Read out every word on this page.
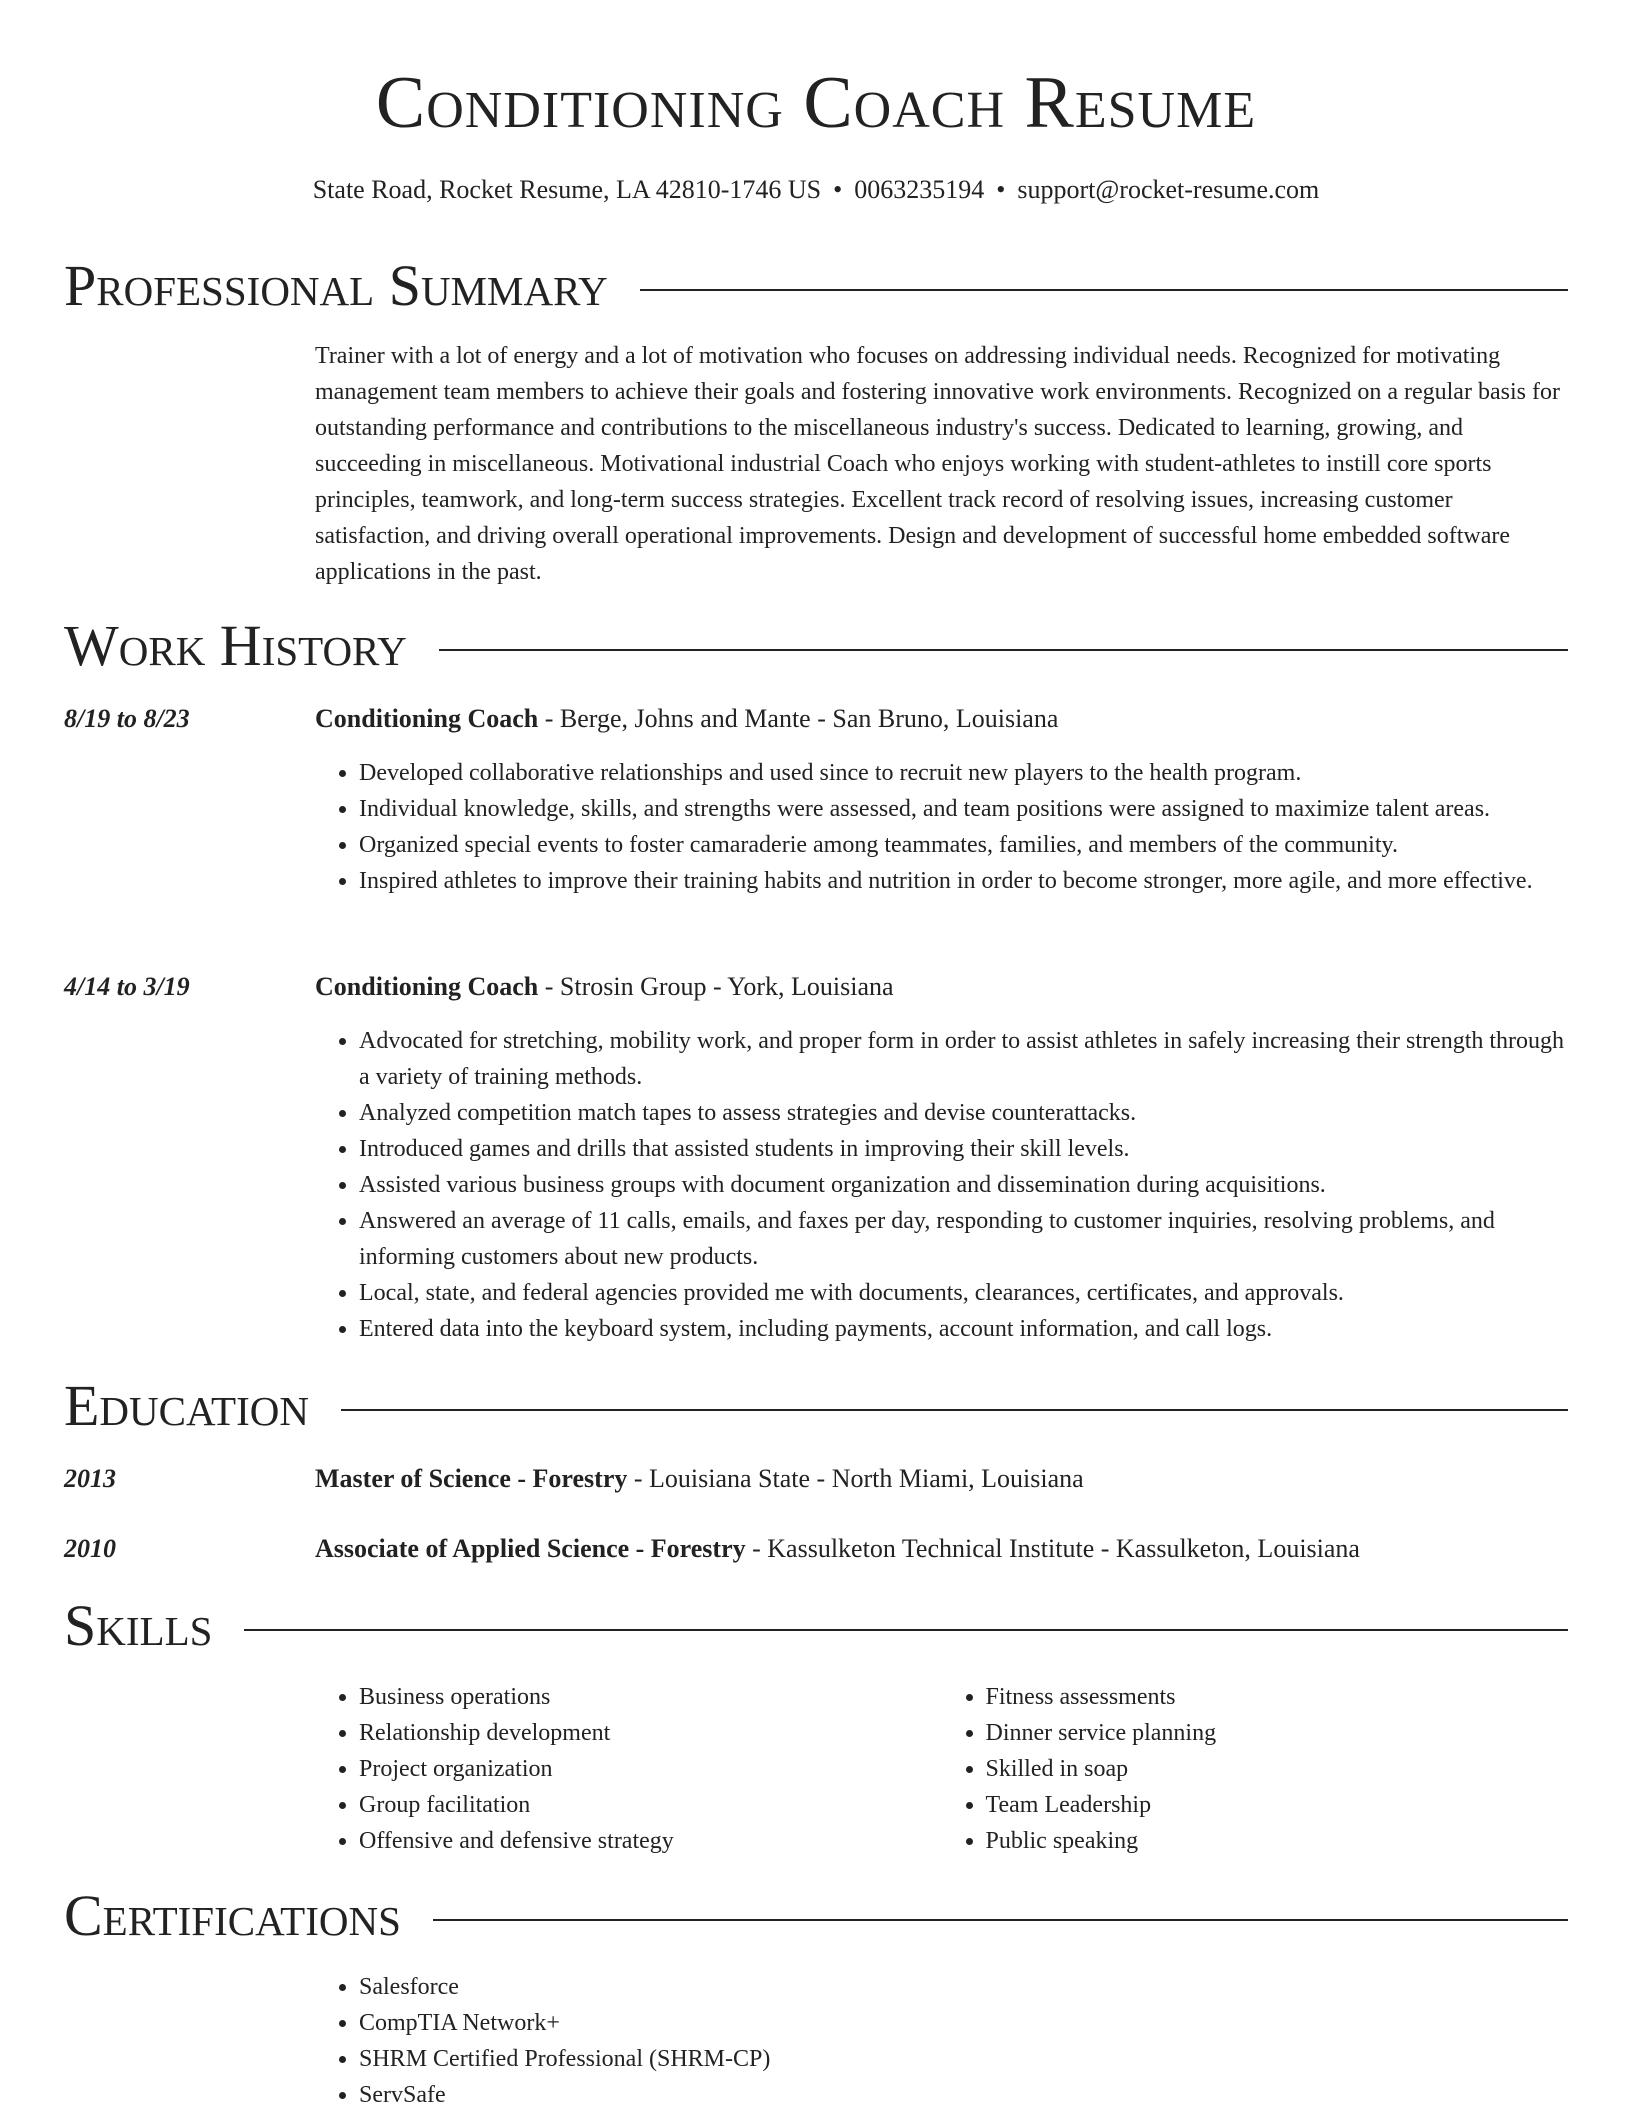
Conditioning Coach Resume
State Road, Rocket Resume, LA 42810-1746 US • 0063235194 • support@rocket-resume.com
Professional Summary
Trainer with a lot of energy and a lot of motivation who focuses on addressing individual needs. Recognized for motivating management team members to achieve their goals and fostering innovative work environments. Recognized on a regular basis for outstanding performance and contributions to the miscellaneous industry's success. Dedicated to learning, growing, and succeeding in miscellaneous. Motivational industrial Coach who enjoys working with student-athletes to instill core sports principles, teamwork, and long-term success strategies. Excellent track record of resolving issues, increasing customer satisfaction, and driving overall operational improvements. Design and development of successful home embedded software applications in the past.
Work History
8/19 to 8/23	Conditioning Coach - Berge, Johns and Mante - San Bruno, Louisiana
• Developed collaborative relationships and used since to recruit new players to the health program.
• Individual knowledge, skills, and strengths were assessed, and team positions were assigned to maximize talent areas.
• Organized special events to foster camaraderie among teammates, families, and members of the community.
• Inspired athletes to improve their training habits and nutrition in order to become stronger, more agile, and more effective.
4/14 to 3/19	Conditioning Coach - Strosin Group - York, Louisiana
• Advocated for stretching, mobility work, and proper form in order to assist athletes in safely increasing their strength through a variety of training methods.
• Analyzed competition match tapes to assess strategies and devise counterattacks.
• Introduced games and drills that assisted students in improving their skill levels.
• Assisted various business groups with document organization and dissemination during acquisitions.
• Answered an average of 11 calls, emails, and faxes per day, responding to customer inquiries, resolving problems, and informing customers about new products.
• Local, state, and federal agencies provided me with documents, clearances, certificates, and approvals.
• Entered data into the keyboard system, including payments, account information, and call logs.
Education
2013	Master of Science - Forestry - Louisiana State - North Miami, Louisiana
2010	Associate of Applied Science - Forestry - Kassulketon Technical Institute - Kassulketon, Louisiana
Skills
• Business operations
• Relationship development
• Project organization
• Group facilitation
• Offensive and defensive strategy
• Fitness assessments
• Dinner service planning
• Skilled in soap
• Team Leadership
• Public speaking
Certifications
• Salesforce
• CompTIA Network+
• SHRM Certified Professional (SHRM-CP)
• ServSafe
